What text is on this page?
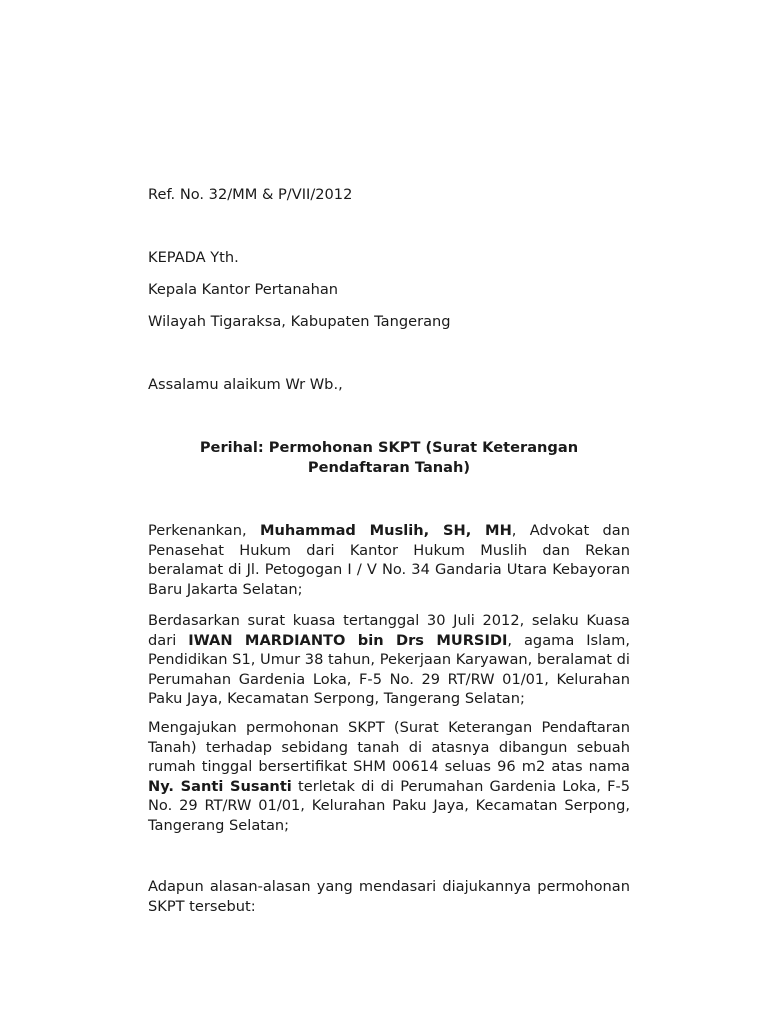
Ref. No. 32/MM & P/VII/2012

KEPADA Yth.

Kepala Kantor Pertanahan

Wilayah Tigaraksa, Kabupaten Tangerang

Assalamu alaikum Wr Wb.,

Perihal: Permohonan SKPT (Surat Keterangan Pendaftaran Tanah)

Perkenankan, Muhammad Muslih, SH, MH, Advokat dan Penasehat Hukum dari Kantor Hukum Muslih dan Rekan beralamat di Jl. Petogogan I / V No. 34 Gandaria Utara Kebayoran Baru Jakarta Selatan;

Berdasarkan surat kuasa tertanggal 30 Juli 2012, selaku Kuasa dari IWAN MARDIANTO bin Drs MURSIDI, agama Islam, Pendidikan S1, Umur 38 tahun, Pekerjaan Karyawan, beralamat di Perumahan Gardenia Loka, F-5 No. 29 RT/RW 01/01, Kelurahan Paku Jaya, Kecamatan Serpong, Tangerang Selatan;

Mengajukan permohonan SKPT (Surat Keterangan Pendaftaran Tanah) terhadap sebidang tanah di atasnya dibangun sebuah rumah tinggal bersertifikat SHM 00614 seluas 96 m2 atas nama Ny. Santi Susanti terletak di di Perumahan Gardenia Loka, F-5 No. 29 RT/RW 01/01, Kelurahan Paku Jaya, Kecamatan Serpong, Tangerang Selatan;

Adapun alasan-alasan yang mendasari diajukannya permohonan SKPT tersebut:
